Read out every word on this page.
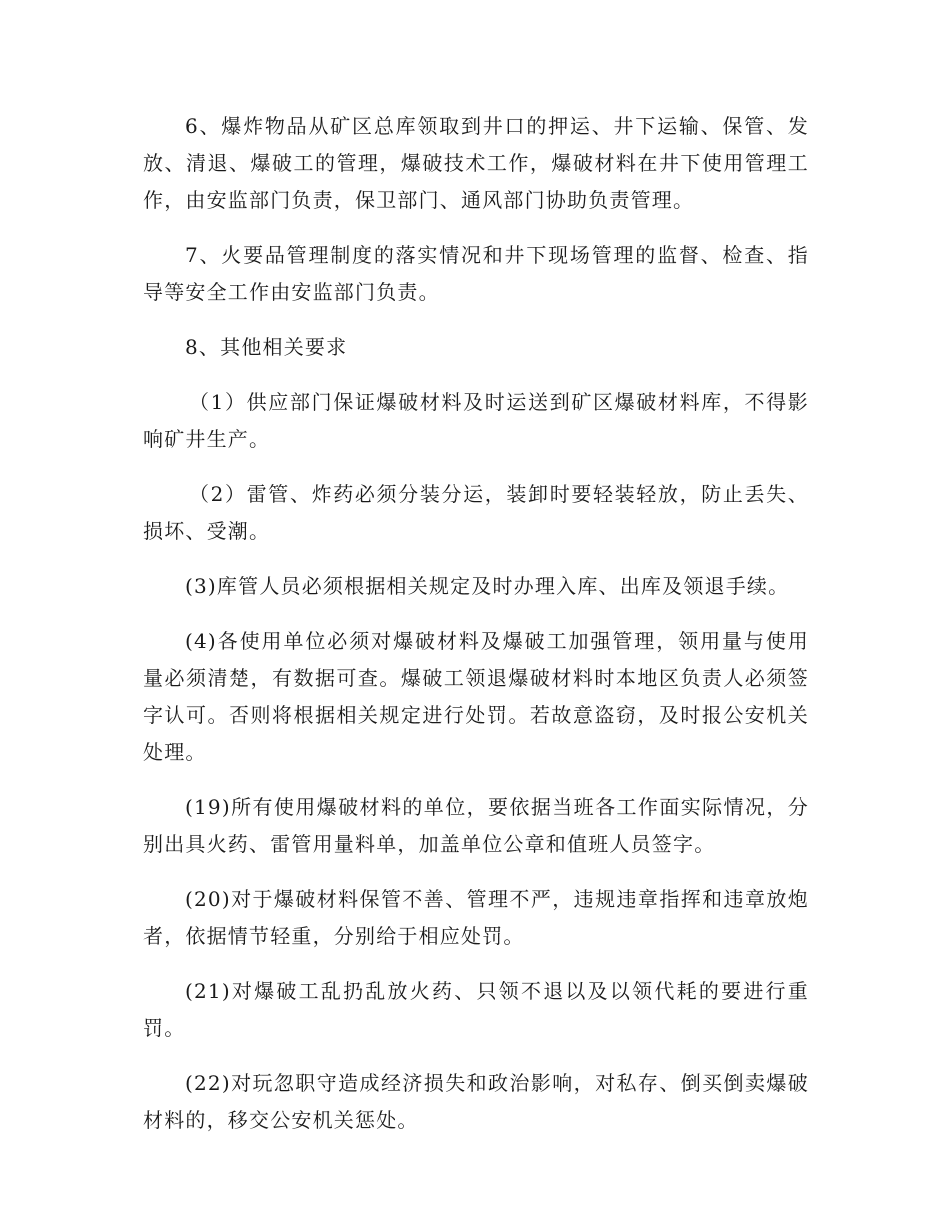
6、爆炸物品从矿区总库领取到井口的押运、井下运输、保管、发放、清退、爆破工的管理，爆破技术工作，爆破材料在井下使用管理工作，由安监部门负责，保卫部门、通风部门协助负责管理。

7、火要品管理制度的落实情况和井下现场管理的监督、检查、指导等安全工作由安监部门负责。

8、其他相关要求

（1）供应部门保证爆破材料及时运送到矿区爆破材料库，不得影响矿井生产。

（2）雷管、炸药必须分装分运，装卸时要轻装轻放，防止丢失、损坏、受潮。

(3)库管人员必须根据相关规定及时办理入库、出库及领退手续。

(4)各使用单位必须对爆破材料及爆破工加强管理，领用量与使用量必须清楚，有数据可查。爆破工领退爆破材料时本地区负责人必须签字认可。否则将根据相关规定进行处罚。若故意盗窃，及时报公安机关处理。

(19)所有使用爆破材料的单位，要依据当班各工作面实际情况，分别出具火药、雷管用量料单，加盖单位公章和值班人员签字。

(20)对于爆破材料保管不善、管理不严，违规违章指挥和违章放炮者，依据情节轻重，分别给于相应处罚。

(21)对爆破工乱扔乱放火药、只领不退以及以领代耗的要进行重罚。

(22)对玩忽职守造成经济损失和政治影响，对私存、倒买倒卖爆破材料的，移交公安机关惩处。
